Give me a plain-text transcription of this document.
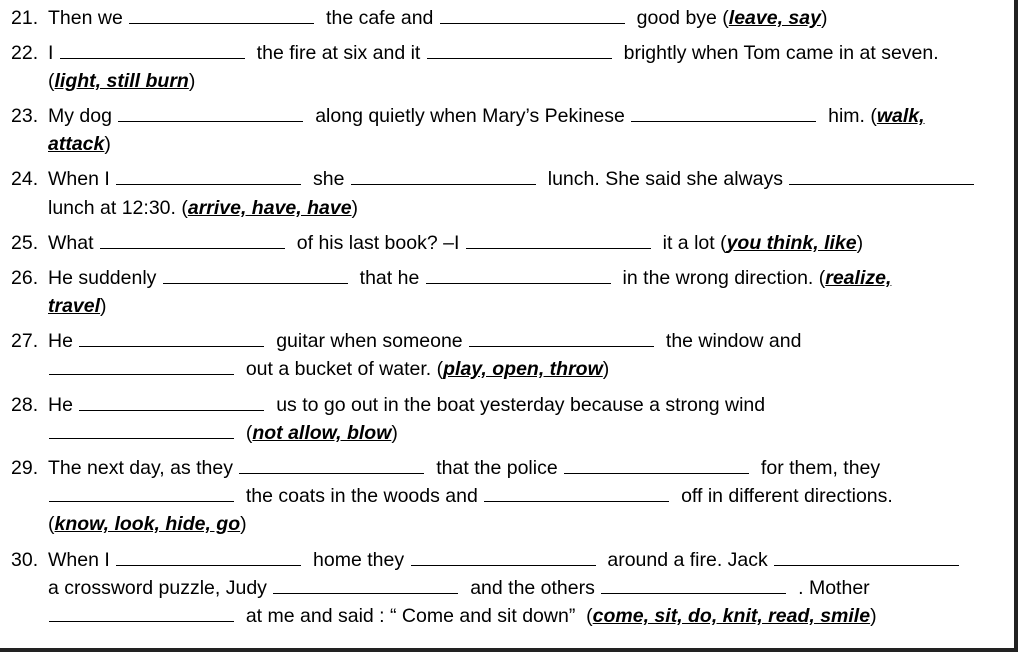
21. Then we	the cafe and	good bye (leave, say)
22. I	the fire at six and it	brightly when Tom came in at seven.
(light, still burn)
23. My dog	along quietly when Mary’s Pekinese	him. (walk,
attack)
24. When I	she	lunch. She said she always
lunch at 12:30. (arrive, have, have)
25. What	of his last book? –I	it a lot (you think, like)
26. He suddenly	that he	in the wrong direction. (realize,
travel)
27. He	guitar when someone	the window and
out a bucket of water. (play, open, throw)
28. He	us to go out in the boat yesterday because a strong wind
(not allow, blow)
29. The next day, as they	that the police	for them, they
the coats in the woods and	off in different directions.
(know, look, hide, go)
30. When I	home they	around a fire. Jack
a crossword puzzle, Judy	and the others	. Mother
at me and said : “ Come and sit down”  (come, sit, do, knit, read, smile)
